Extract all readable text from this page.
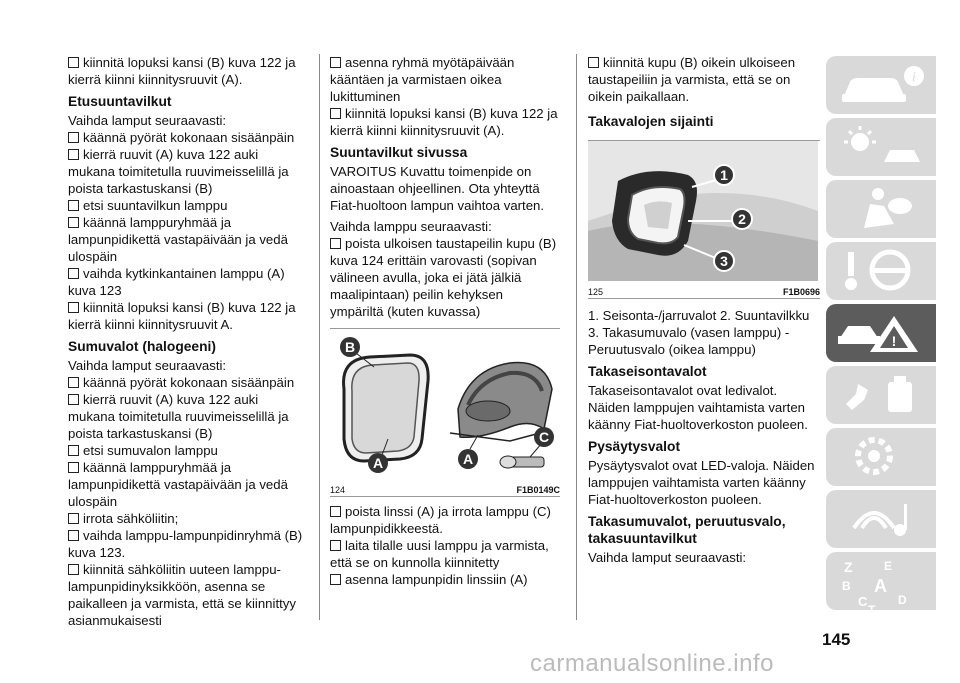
kiinnitä lopuksi kansi (B) kuva 122 ja kierrä kiinni kiinnitysruuvit (A).

Etusuuntavilkut

Vaihda lamput seuraavasti:

käännä pyörät kokonaan sisäänpäin

kierrä ruuvit (A) kuva 122 auki mukana toimitetulla ruuvimeisselillä ja poista tarkastuskansi (B)

etsi suuntavilkun lamppu

käännä lamppuryhmää ja lampunpidikettä vastapäivään ja vedä ulospäin

vaihda kytkinkantainen lamppu (A) kuva 123

kiinnitä lopuksi kansi (B) kuva 122 ja kierrä kiinni kiinnitysruuvit A.

Sumuvalot (halogeeni)

Vaihda lamput seuraavasti:

käännä pyörät kokonaan sisäänpäin

kierrä ruuvit (A) kuva 122 auki mukana toimitetulla ruuvimeisselillä ja poista tarkastuskansi (B)

etsi sumuvalon lamppu

käännä lamppuryhmää ja lampunpidikettä vastapäivään ja vedä ulospäin

irrota sähköliitin;

vaihda lamppu-lampunpidinryhmä (B) kuva 123.

kiinnitä sähköliitin uuteen lamppu-lampunpidinyksikköön, asenna se paikalleen ja varmista, että se kiinnittyy asianmukaisesti

asenna ryhmä myötäpäivään kääntäen ja varmistaen oikea lukittuminen

kiinnitä lopuksi kansi (B) kuva 122 ja kierrä kiinni kiinnitysruuvit (A).

Suuntavilkut sivussa

VAROITUS Kuvattu toimenpide on ainoastaan ohjeellinen. Ota yhteyttä Fiat-huoltoon lampun vaihtoa varten.

Vaihda lamppu seuraavasti:

poista ulkoisen taustapeilin kupu (B) kuva 124 erittäin varovasti (sopivan välineen avulla, joka ei jätä jälkiä maalipintaan) peilin kehyksen ympäriltä (kuten kuvassa)

B
A	A
C
124	F1B0149C

poista linssi (A) ja irrota lamppu (C) lampunpidikkeestä.

laita tilalle uusi lamppu ja varmista, että se on kunnolla kiinnitetty

asenna lampunpidin linssiin (A)

kiinnitä kupu (B) oikein ulkoiseen taustapeiliin ja varmista, että se on oikein paikallaan.

Takavalojen sijainti
1
2
3
125	F1B0696

1. Seisonta-/jarruvalot 2. Suuntavilkku 3. Takasumuvalo (vasen lamppu) - Peruutusvalo (oikea lamppu)

Takaseisontavalot

Takaseisontavalot ovat ledivalot. Näiden lamppujen vaihtamista varten käänny Fiat-huoltoverkoston puoleen.

Pysäytysvalot

Pysäytysvalot ovat LED-valoja. Näiden lamppujen vaihtamista varten käänny Fiat-huoltoverkoston puoleen.

Takasumuvalot, peruutusvalo, takasuuntavilkut

Vaihda lamput seuraavasti:

i
!
Z	E
B A
C
T
D
145
carmanualsonline.info
